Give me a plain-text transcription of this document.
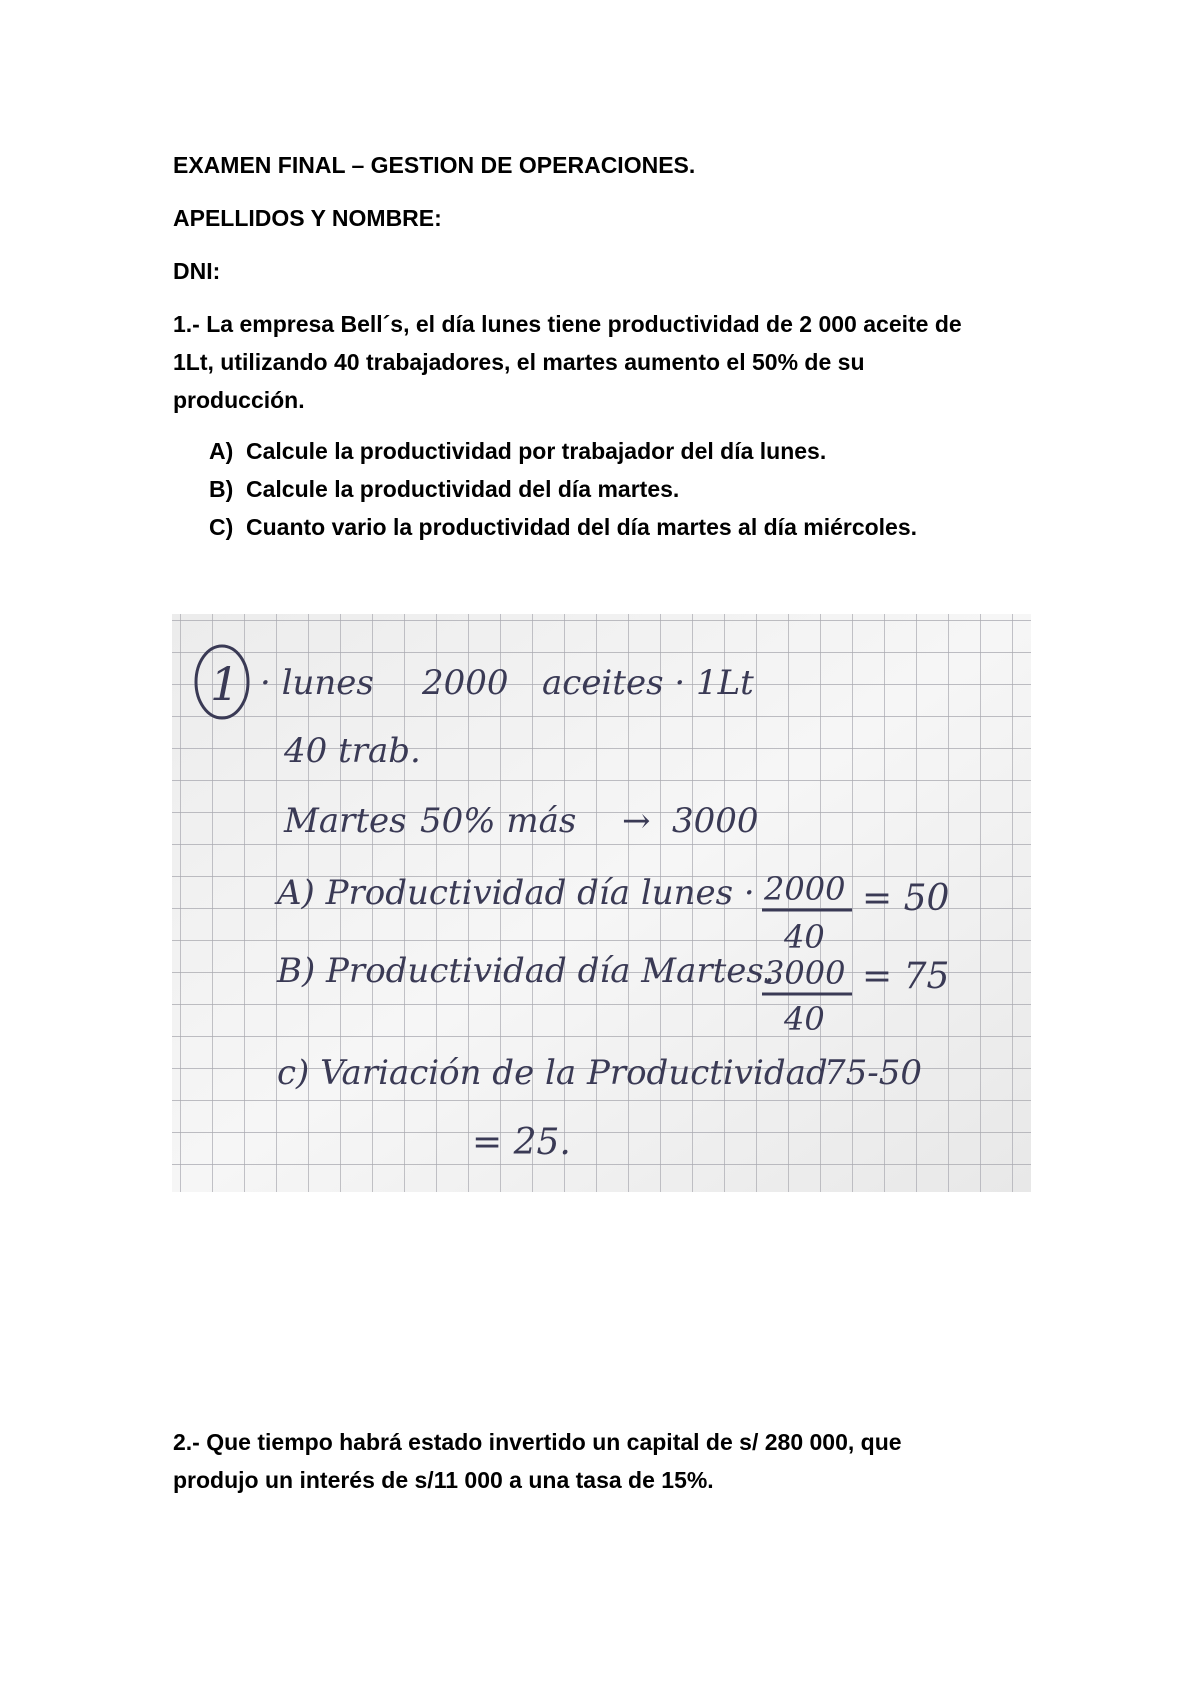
EXAMEN FINAL – GESTION DE OPERACIONES.
APELLIDOS Y NOMBRE:
DNI:
1.- La empresa Bell´s, el día lunes tiene productividad de 2 000 aceite de
1Lt, utilizando 40 trabajadores, el martes aumento el 50% de su
producción.
A) Calcule la productividad por trabajador del día lunes.
B) Calcule la productividad del día martes.
C) Cuanto vario la productividad del día martes al día miércoles.
1 · lunes 2000 aceites · 1Lt
40 trab.
Martes 50% más → 3000
A) Productividad día lunes · 2000
40
= 50
B) Productividad día Martes.
3000
40
= 75
c) Variación de la Productividad
75-50
= 25.
2.- Que tiempo habrá estado invertido un capital de s/ 280 000, que
produjo un interés de s/11 000 a una tasa de 15%.
